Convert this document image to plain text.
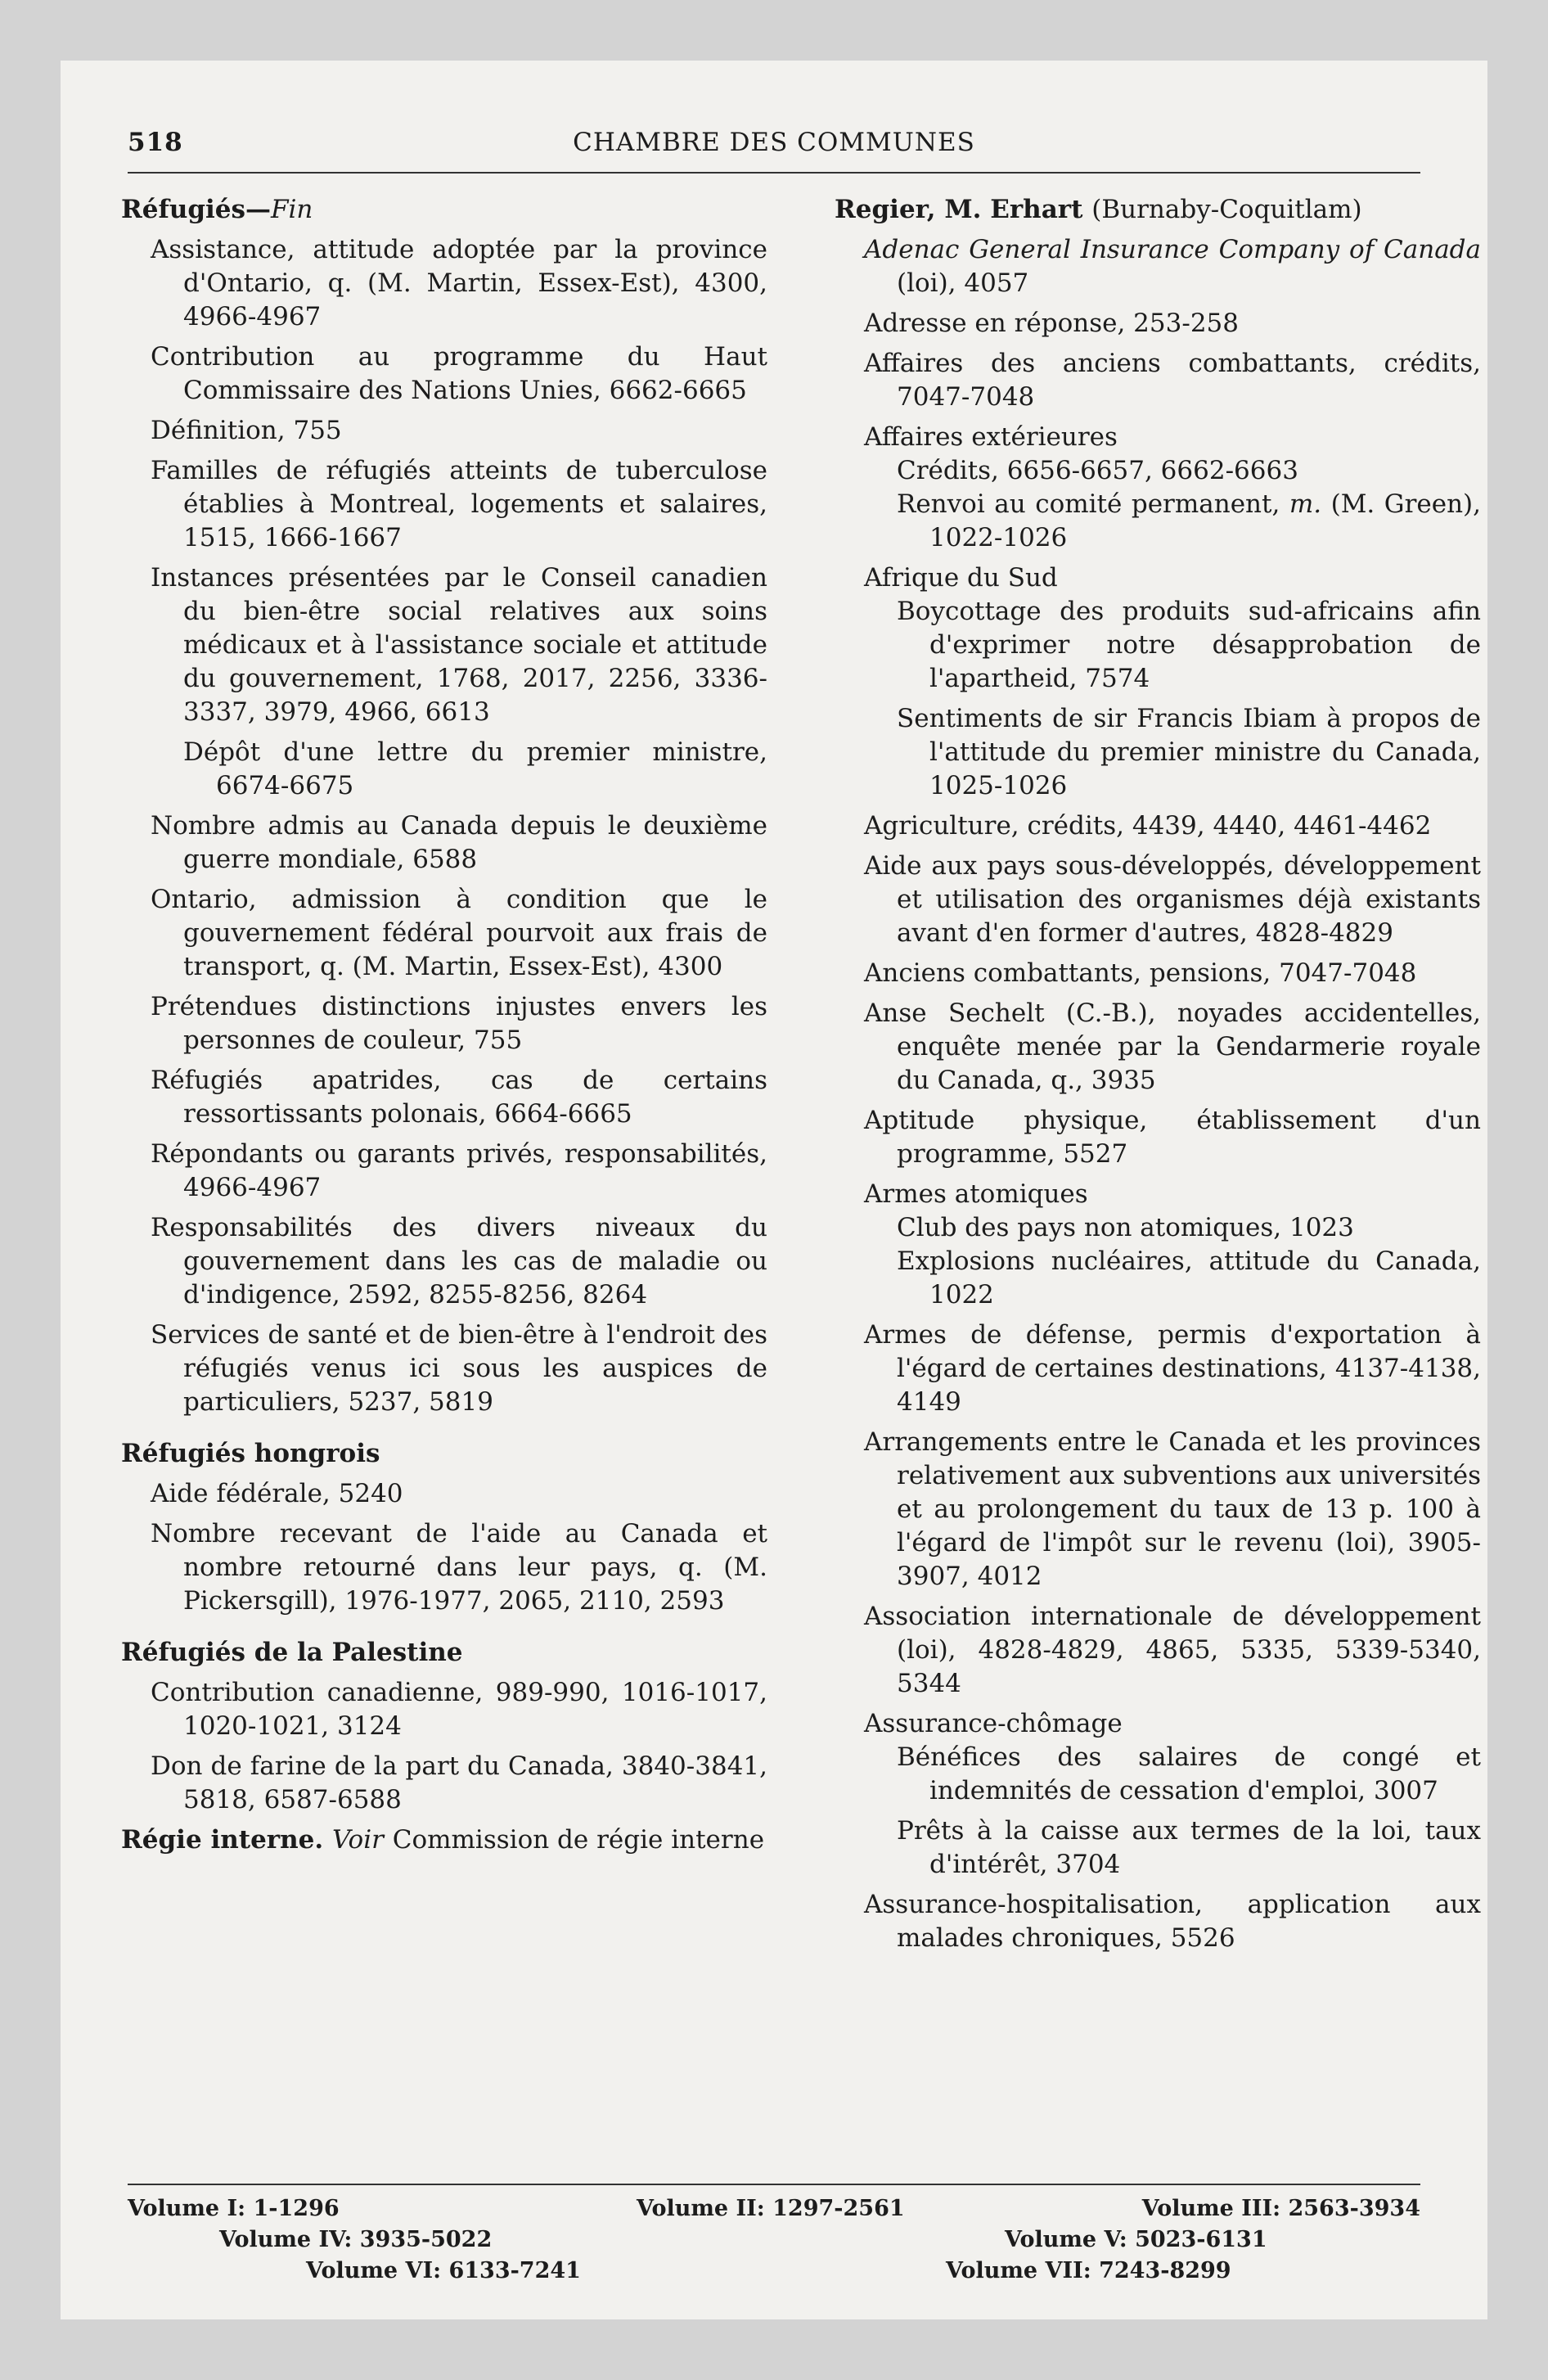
518	CHAMBRE DES COMMUNES
Réfugiés—Fin
Assistance, attitude adoptée par la province d'Ontario, q. (M. Martin, Essex-Est), 4300, 4966-4967
Contribution au programme du Haut Commissaire des Nations Unies, 6662-6665
Définition, 755
Familles de réfugiés atteints de tuberculose établies à Montreal, logements et salaires, 1515, 1666-1667
Instances présentées par le Conseil canadien du bien-être social relatives aux soins médicaux et à l'assistance sociale et attitude du gouvernement, 1768, 2017, 2256, 3336-3337, 3979, 4966, 6613
Dépôt d'une lettre du premier ministre, 6674-6675
Nombre admis au Canada depuis le deuxième guerre mondiale, 6588
Ontario, admission à condition que le gouvernement fédéral pourvoit aux frais de transport, q. (M. Martin, Essex-Est), 4300
Prétendues distinctions injustes envers les personnes de couleur, 755
Réfugiés apatrides, cas de certains ressortissants polonais, 6664-6665
Répondants ou garants privés, responsabilités, 4966-4967
Responsabilités des divers niveaux du gouvernement dans les cas de maladie ou d'indigence, 2592, 8255-8256, 8264
Services de santé et de bien-être à l'endroit des réfugiés venus ici sous les auspices de particuliers, 5237, 5819
Réfugiés hongrois
Aide fédérale, 5240
Nombre recevant de l'aide au Canada et nombre retourné dans leur pays, q. (M. Pickersgill), 1976-1977, 2065, 2110, 2593
Réfugiés de la Palestine
Contribution canadienne, 989-990, 1016-1017, 1020-1021, 3124
Don de farine de la part du Canada, 3840-3841, 5818, 6587-6588
Régie interne. Voir Commission de régie interne
Regier, M. Erhart (Burnaby-Coquitlam)
Adenac General Insurance Company of Canada (loi), 4057
Adresse en réponse, 253-258
Affaires des anciens combattants, crédits, 7047-7048
Affaires extérieures
Crédits, 6656-6657, 6662-6663
Renvoi au comité permanent, m. (M. Green), 1022-1026
Afrique du Sud
Boycottage des produits sud-africains afin d'exprimer notre désapprobation de l'apartheid, 7574
Sentiments de sir Francis Ibiam à propos de l'attitude du premier ministre du Canada, 1025-1026
Agriculture, crédits, 4439, 4440, 4461-4462
Aide aux pays sous-développés, développement et utilisation des organismes déjà existants avant d'en former d'autres, 4828-4829
Anciens combattants, pensions, 7047-7048
Anse Sechelt (C.-B.), noyades accidentelles, enquête menée par la Gendarmerie royale du Canada, q., 3935
Aptitude physique, établissement d'un programme, 5527
Armes atomiques
Club des pays non atomiques, 1023
Explosions nucléaires, attitude du Canada, 1022
Armes de défense, permis d'exportation à l'égard de certaines destinations, 4137-4138, 4149
Arrangements entre le Canada et les provinces relativement aux subventions aux universités et au prolongement du taux de 13 p. 100 à l'égard de l'impôt sur le revenu (loi), 3905-3907, 4012
Association internationale de développement (loi), 4828-4829, 4865, 5335, 5339-5340, 5344
Assurance-chômage
Bénéfices des salaires de congé et indemnités de cessation d'emploi, 3007
Prêts à la caisse aux termes de la loi, taux d'intérêt, 3704
Assurance-hospitalisation, application aux malades chroniques, 5526
Volume I: 1-1296	Volume II: 1297-2561	Volume III: 2563-3934
Volume IV: 3935-5022	Volume V: 5023-6131
Volume VI: 6133-7241	Volume VII: 7243-8299
